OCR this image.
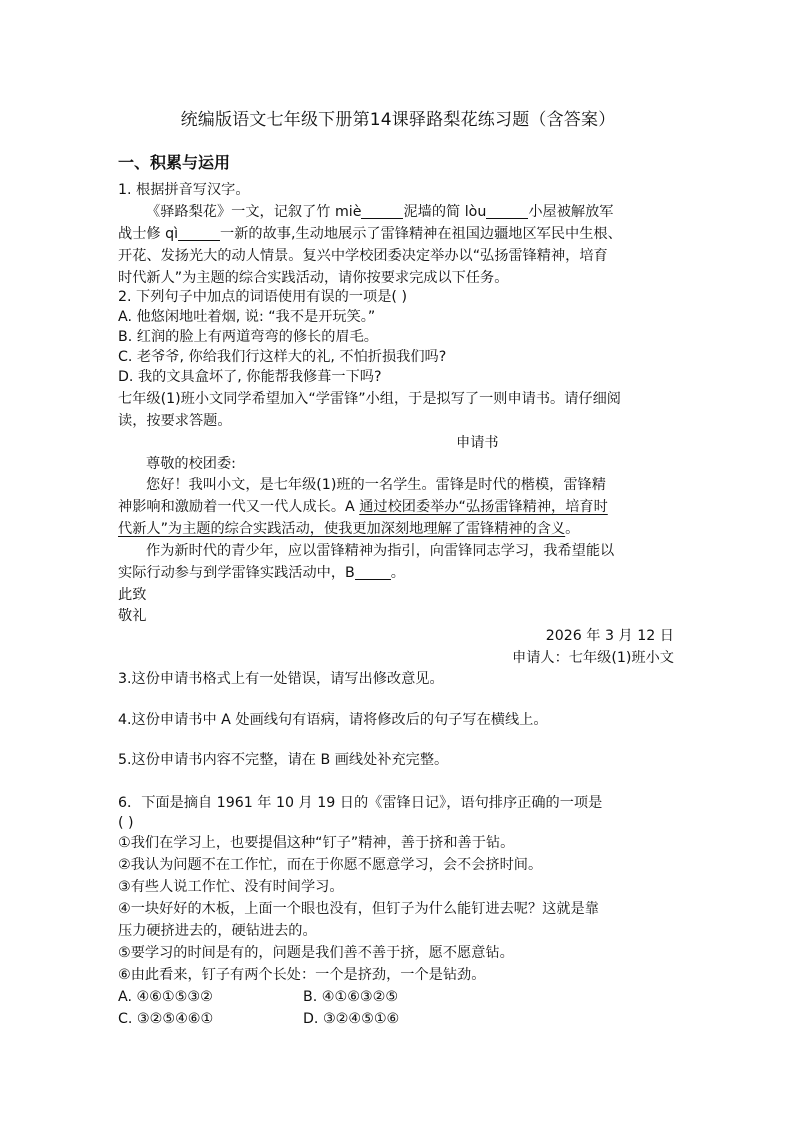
统编版语文七年级下册第14课驿路梨花练习题（含答案）
一、积累与运用
1. 根据拼音写汉字。
《驿路梨花》一文，记叙了竹 miè	泥墙的简 lòu	小屋被解放军
战士修 qì	一新的故事,生动地展示了雷锋精神在祖国边疆地区军民中生根、
开花、发扬光大的动人情景。复兴中学校团委决定举办以“弘扬雷锋精神，培育
时代新人”为主题的综合实践活动，请你按要求完成以下任务。
2. 下列句子中加点的词语使用有误的一项是( )
A. 他悠闲地吐着烟, 说: “我不是开玩笑。”
B. 红润的脸上有两道弯弯的修长的眉毛。
C. 老爷爷, 你给我们行这样大的礼, 不怕折损我们吗?
D. 我的文具盒坏了, 你能帮我修葺一下吗?
七年级(1)班小文同学希望加入“学雷锋”小组，于是拟写了一则申请书。请仔细阅
读，按要求答题。
申请书
尊敬的校团委:
您好！我叫小文，是七年级(1)班的一名学生。雷锋是时代的楷模，雷锋精
神影响和激励着一代又一代人成长。A 通过校团委举办“弘扬雷锋精神，培育时
代新人”为主题的综合实践活动，使我更加深刻地理解了雷锋精神的含义。
作为新时代的青少年，应以雷锋精神为指引，向雷锋同志学习，我希望能以
实际行动参与到学雷锋实践活动中，B	。
此致
敬礼
2026 年 3 月 12 日
申请人：七年级(1)班小文
3.这份申请书格式上有一处错误，请写出修改意见。
4.这份申请书中 A 处画线句有语病，请将修改后的句子写在横线上。
5.这份申请书内容不完整，请在 B 画线处补充完整。
6．下面是摘自 1961 年 10 月 19 日的《雷锋日记》，语句排序正确的一项是
( )
①我们在学习上，也要提倡这种“钉子”精神，善于挤和善于钻。
②我认为问题不在工作忙，而在于你愿不愿意学习，会不会挤时间。
③有些人说工作忙、没有时间学习。
④一块好好的木板，上面一个眼也没有，但钉子为什么能钉进去呢？这就是靠
压力硬挤进去的，硬钻进去的。
⑤要学习的时间是有的，问题是我们善不善于挤，愿不愿意钻。
⑥由此看来，钉子有两个长处：一个是挤劲，一个是钻劲。
A. ④⑥①⑤③②	B. ④①⑥③②⑤
C. ③②⑤④⑥①	D. ③②④⑤①⑥
